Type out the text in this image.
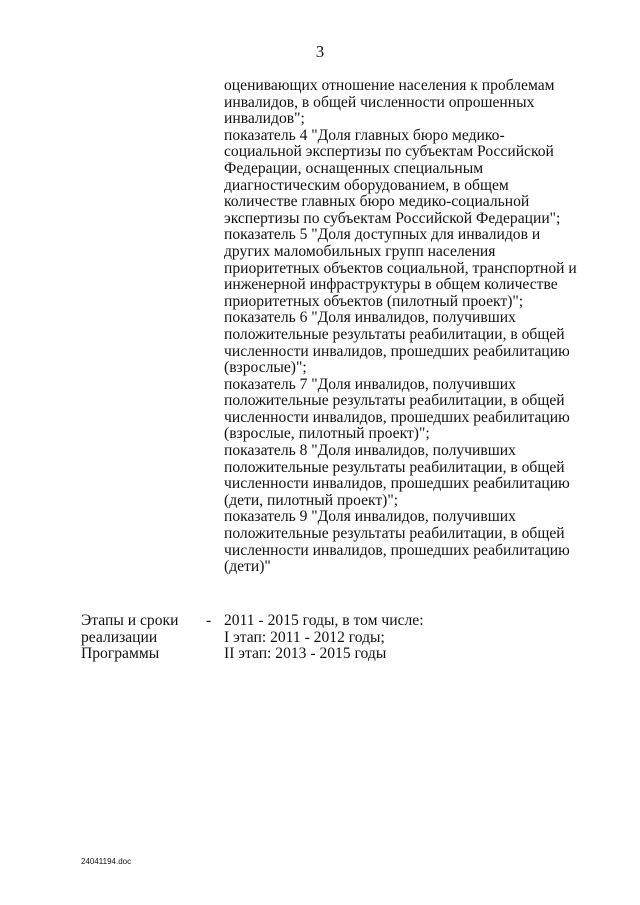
3
оценивающих отношение населения к проблемам
инвалидов, в общей численности опрошенных
инвалидов";
показатель 4 "Доля главных бюро медико-
социальной экспертизы по субъектам Российской
Федерации, оснащенных специальным
диагностическим оборудованием, в общем
количестве главных бюро медико-социальной
экспертизы по субъектам Российской Федерации";
показатель 5 "Доля доступных для инвалидов и
других маломобильных групп населения
приоритетных объектов социальной, транспортной и
инженерной инфраструктуры в общем количестве
приоритетных объектов (пилотный проект)";
показатель 6 "Доля инвалидов, получивших
положительные результаты реабилитации, в общей
численности инвалидов, прошедших реабилитацию
(взрослые)";
показатель 7 "Доля инвалидов, получивших
положительные результаты реабилитации, в общей
численности инвалидов, прошедших реабилитацию
(взрослые, пилотный проект)";
показатель 8 "Доля инвалидов, получивших
положительные результаты реабилитации, в общей
численности инвалидов, прошедших реабилитацию
(дети, пилотный проект)";
показатель 9 "Доля инвалидов, получивших
положительные результаты реабилитации, в общей
численности инвалидов, прошедших реабилитацию
(дети)"
Этапы и сроки
реализации
Программы
- 2011 - 2015 годы, в том числе:
I этап: 2011 - 2012 годы;
II этап: 2013 - 2015 годы
24041194.doc
